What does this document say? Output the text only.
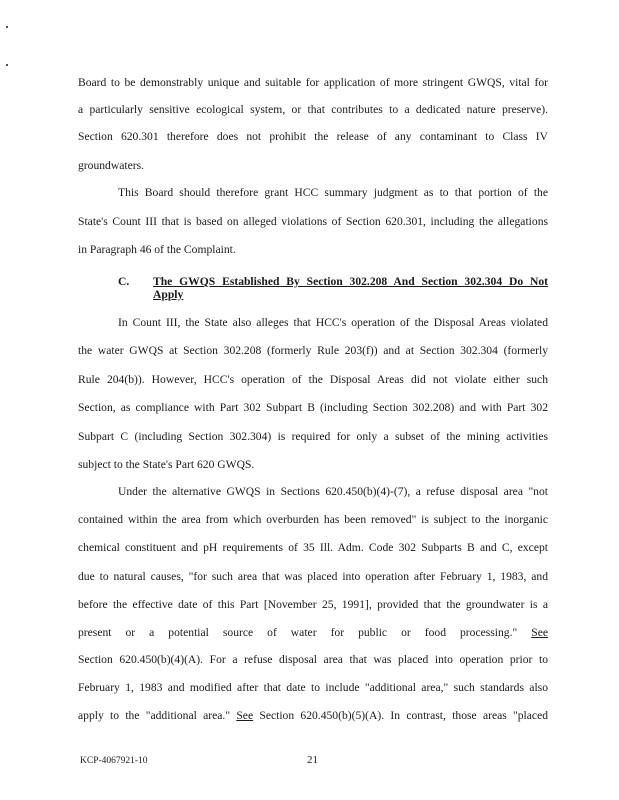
Board to be demonstrably unique and suitable for application of more stringent GWQS, vital for
a particularly sensitive ecological system, or that contributes to a dedicated nature preserve).
Section 620.301 therefore does not prohibit the release of any contaminant to Class IV
groundwaters.
This Board should therefore grant HCC summary judgment as to that portion of the
State's Count III that is based on alleged violations of Section 620.301, including the allegations
in Paragraph 46 of the Complaint.
C. The GWQS Established By Section 302.208 And Section 302.304 Do Not
Apply
In Count III, the State also alleges that HCC's operation of the Disposal Areas violated
the water GWQS at Section 302.208 (formerly Rule 203(f)) and at Section 302.304 (formerly
Rule 204(b)). However, HCC's operation of the Disposal Areas did not violate either such
Section, as compliance with Part 302 Subpart B (including Section 302.208) and with Part 302
Subpart C (including Section 302.304) is required for only a subset of the mining activities
subject to the State's Part 620 GWQS.
Under the alternative GWQS in Sections 620.450(b)(4)-(7), a refuse disposal area "not
contained within the area from which overburden has been removed" is subject to the inorganic
chemical constituent and pH requirements of 35 Ill. Adm. Code 302 Subparts B and C, except
due to natural causes, "for such area that was placed into operation after February 1, 1983, and
before the effective date of this Part [November 25, 1991], provided that the groundwater is a
present or a potential source of water for public or food processing." See
Section 620.450(b)(4)(A). For a refuse disposal area that was placed into operation prior to
February 1, 1983 and modified after that date to include "additional area," such standards also
apply to the "additional area." See Section 620.450(b)(5)(A). In contrast, those areas "placed
KCP-4067921-10	21
